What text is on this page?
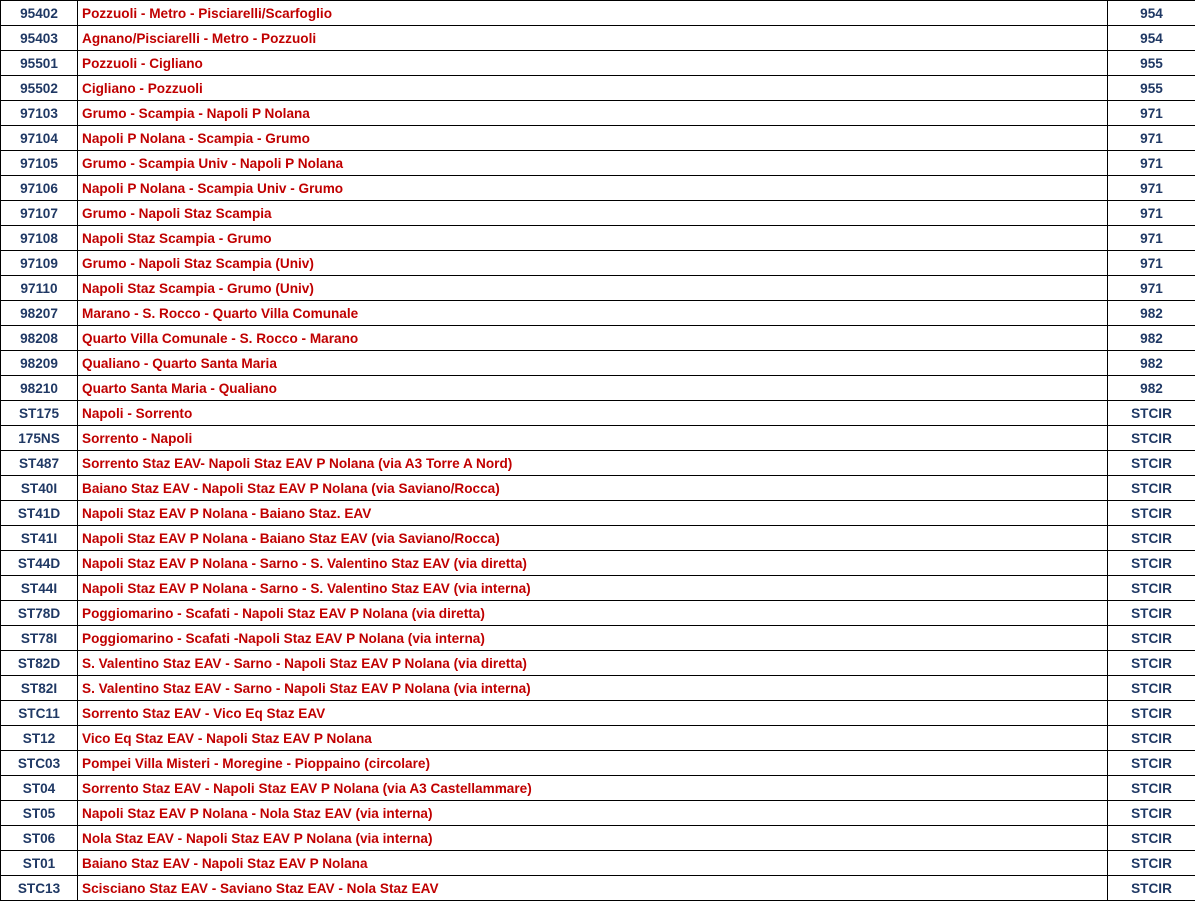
95402	Pozzuoli - Metro - Pisciarelli/Scarfoglio	954
95403	Agnano/Pisciarelli - Metro - Pozzuoli	954
95501	Pozzuoli - Cigliano	955
95502	Cigliano - Pozzuoli	955
97103	Grumo - Scampia - Napoli P Nolana	971
97104	Napoli P Nolana - Scampia - Grumo	971
97105	Grumo - Scampia Univ - Napoli P Nolana	971
97106	Napoli P Nolana - Scampia Univ - Grumo	971
97107	Grumo - Napoli Staz Scampia	971
97108	Napoli Staz Scampia - Grumo	971
97109	Grumo - Napoli Staz Scampia (Univ)	971
97110	Napoli Staz Scampia - Grumo (Univ)	971
98207	Marano - S. Rocco - Quarto Villa Comunale	982
98208	Quarto Villa Comunale - S. Rocco - Marano	982
98209	Qualiano - Quarto Santa Maria	982
98210	Quarto Santa Maria - Qualiano	982
ST175	Napoli - Sorrento	STCIR
175NS	Sorrento - Napoli	STCIR
ST487	Sorrento Staz EAV- Napoli Staz EAV P Nolana (via A3 Torre A Nord)	STCIR
ST40I	Baiano Staz EAV - Napoli Staz EAV P Nolana (via Saviano/Rocca)	STCIR
ST41D	Napoli Staz EAV P Nolana - Baiano Staz. EAV	STCIR
ST41I	Napoli Staz EAV P Nolana - Baiano Staz EAV (via Saviano/Rocca)	STCIR
ST44D	Napoli Staz EAV P Nolana - Sarno - S. Valentino Staz EAV (via diretta)	STCIR
ST44I	Napoli Staz EAV P Nolana - Sarno - S. Valentino Staz EAV (via interna)	STCIR
ST78D	Poggiomarino - Scafati - Napoli Staz EAV P Nolana (via diretta)	STCIR
ST78I	Poggiomarino - Scafati -Napoli Staz EAV P Nolana (via interna)	STCIR
ST82D	S. Valentino Staz EAV - Sarno - Napoli Staz EAV P Nolana (via diretta)	STCIR
ST82I	S. Valentino Staz EAV - Sarno - Napoli Staz EAV P Nolana (via interna)	STCIR
STC11	Sorrento Staz EAV - Vico Eq Staz EAV	STCIR
ST12	Vico Eq Staz EAV - Napoli Staz EAV P Nolana	STCIR
STC03	Pompei Villa Misteri - Moregine - Pioppaino (circolare)	STCIR
ST04	Sorrento Staz EAV - Napoli Staz EAV P Nolana (via A3 Castellammare)	STCIR
ST05	Napoli Staz EAV P Nolana - Nola Staz EAV (via interna)	STCIR
ST06	Nola Staz EAV - Napoli Staz EAV P Nolana (via interna)	STCIR
ST01	Baiano Staz EAV - Napoli Staz EAV P Nolana	STCIR
STC13	Scisciano Staz EAV - Saviano Staz EAV - Nola Staz EAV	STCIR
